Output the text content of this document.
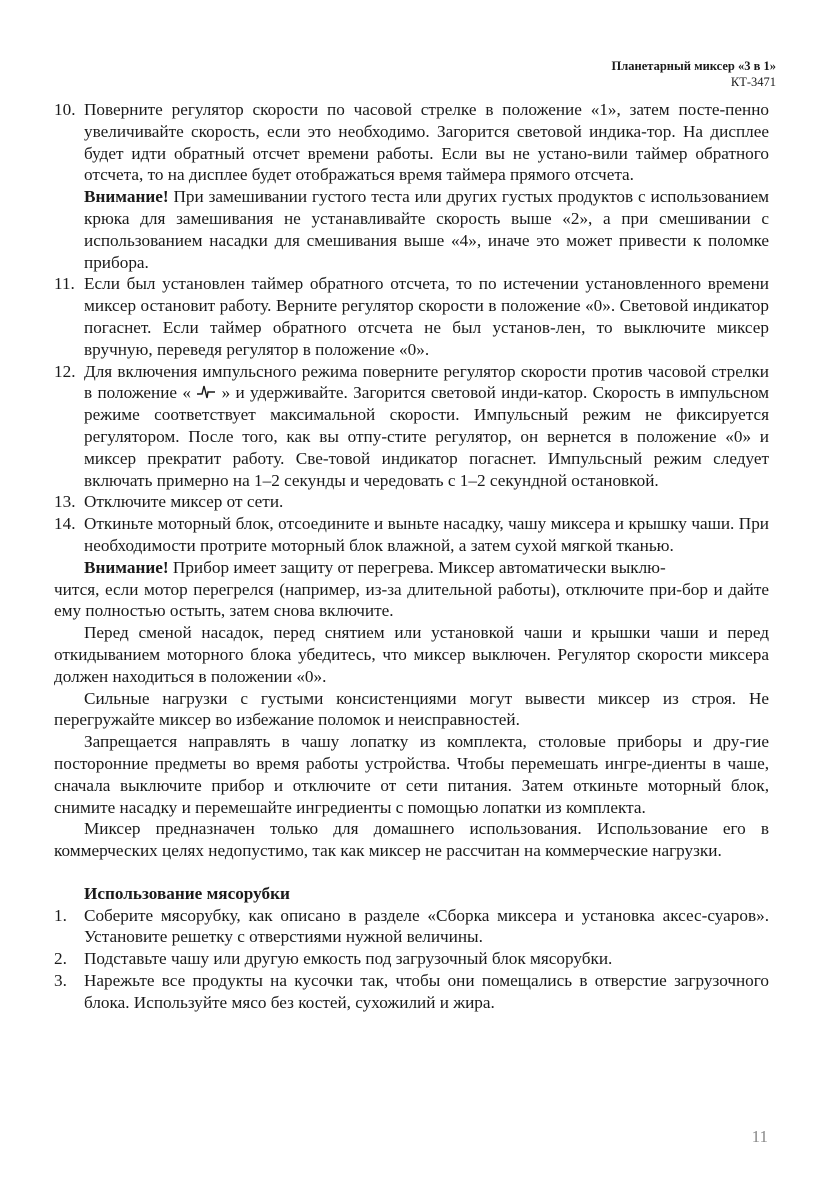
Планетарный миксер «3 в 1»
КТ-3471
10. Поверните регулятор скорости по часовой стрелке в положение «1», затем посте-пенно увеличивайте скорость, если это необходимо. Загорится световой индика-тор. На дисплее будет идти обратный отсчет времени работы. Если вы не устано-вили таймер обратного отсчета, то на дисплее будет отображаться время таймера прямого отсчета.

Внимание! При замешивании густого теста или других густых продуктов с использованием крюка для замешивания не устанавливайте скорость выше «2», а при смешивании с использованием насадки для смешивания выше «4», иначе это может привести к поломке прибора.

11. Если был установлен таймер обратного отсчета, то по истечении установленного времени миксер остановит работу. Верните регулятор скорости в положение «0». Световой индикатор погаснет. Если таймер обратного отсчета не был установ-лен, то выключите миксер вручную, переведя регулятор в положение «0».

12. Для включения импульсного режима поверните регулятор скорости против часовой стрелки в положение «  » и удерживайте. Загорится световой инди-катор. Скорость в импульсном режиме соответствует максимальной скорости. Импульсный режим не фиксируется регулятором. После того, как вы отпу-стите регулятор, он вернется в положение «0» и миксер прекратит работу. Све-товой индикатор погаснет. Импульсный режим следует включать примерно на 1–2 секунды и чередовать с 1–2 секундной остановкой.

13. Отключите миксер от сети.

14. Откиньте моторный блок, отсоедините и выньте насадку, чашу миксера и крышку чаши. При необходимости протрите моторный блок влажной, а затем сухой мягкой тканью.

Внимание! Прибор имеет защиту от перегрева. Миксер автоматически выклю-

чится, если мотор перегрелся (например, из-за длительной работы), отключите при-бор и дайте ему полностью остыть, затем снова включите.

Перед сменой насадок, перед снятием или установкой чаши и крышки чаши и перед откидыванием моторного блока убедитесь, что миксер выключен. Регулятор скорости миксера должен находиться в положении «0».

Сильные нагрузки с густыми консистенциями могут вывести миксер из строя. Не перегружайте миксер во избежание поломок и неисправностей.

Запрещается направлять в чашу лопатку из комплекта, столовые приборы и дру-гие посторонние предметы во время работы устройства. Чтобы перемешать ингре-диенты в чаше, сначала выключите прибор и отключите от сети питания. Затем откиньте моторный блок, снимите насадку и перемешайте ингредиенты с помощью лопатки из комплекта.

Миксер предназначен только для домашнего использования. Использование его в коммерческих целях недопустимо, так как миксер не рассчитан на коммерческие нагрузки.

Использование мясорубки
1. Соберите мясорубку, как описано в разделе «Сборка миксера и установка аксес-суаров». Установите решетку с отверстиями нужной величины.

2. Подставьте чашу или другую емкость под загрузочный блок мясорубки.

3. Нарежьте все продукты на кусочки так, чтобы они помещались в отверстие загрузочного блока. Используйте мясо без костей, сухожилий и жира.

11
